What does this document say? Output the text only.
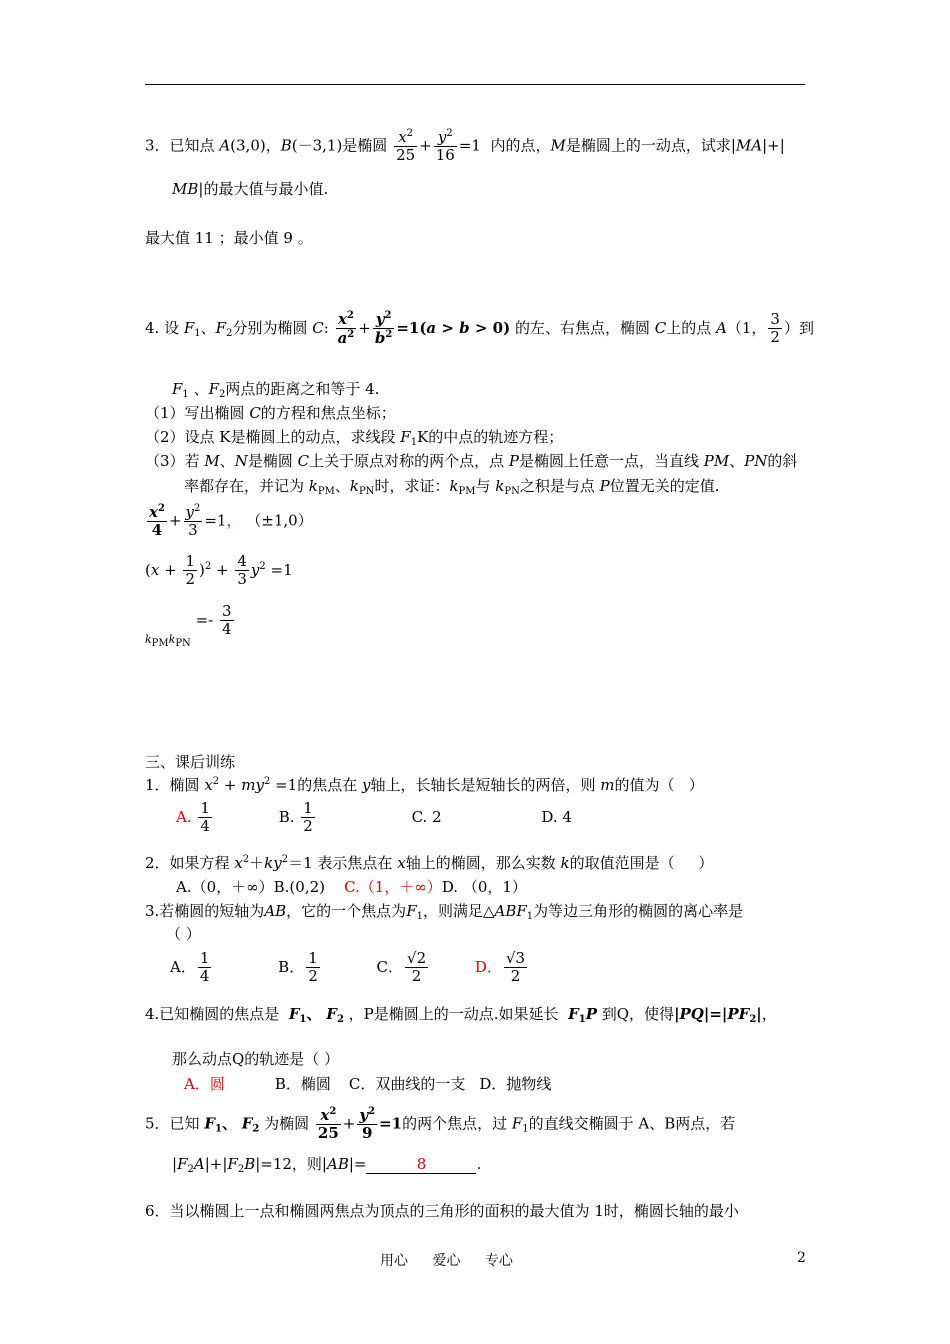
3．已知点 A(3,0)，B(－3,1)是椭圆 $\frac{x^2}{25} + \frac{y^2}{16} =1$  内的点，M是椭圆上的一动点，试求|MA|+|
MB|的最大值与最小值.
最大值 11 ；最小值 9 。
4. 设 $F_1$、$F_2$分别为椭圆 C: $\frac{x^2}{a^2} + \frac{y^2}{b^2} =1(a > b > 0)$ 的左、右焦点，椭圆 C上的点 A（1， $\frac{3}{2}$ ）到
$F_1$ 、$F_2$两点的距离之和等于 4.
（1）写出椭圆 C的方程和焦点坐标；
（2）设点 K是椭圆上的动点，求线段 $F_1K$的中点的轨迹方程；
（3）若 M、N是椭圆 C上关于原点对称的两个点，点 P是椭圆上任意一点，当直线 PM、PN的斜
率都存在，并记为 $k_{PM}$、$k_{PN}$时，求证：$k_{PM}$与 $k_{PN}$之积是与点 P位置无关的定值.
$\frac{x^2}{4} + \frac{y^2}{3} =1$， （±1,0）
$(x + \frac{1}{2} )^2 + \frac{4}{3} y^2 =1$
kPMkPN =- $\frac{3}{4}$
三、课后训练
1．椭圆 $x^2 + my^2 =1$的焦点在 y轴上，长轴长是短轴长的两倍，则 m的值为（   ）
A. $\frac{1}{4}$	B. $\frac{1}{2}$	C. 2	D. 4
2．如果方程 $x^2+ky^2=1$ 表示焦点在 x轴上的椭圆，那么实数 k的取值范围是（     ）
A.（0，＋∞）B.(0,2)    C.（1，＋∞）D. （0，1）
3.若椭圆的短轴为AB，它的一个焦点为$F_1$，则满足$\triangle ABF_1$为等边三角形的椭圆的离心率是
（ ）
A． $\frac{1}{4}$	B． $\frac{1}{2}$	C． $\frac{√2}{2}$	D． $\frac{√3}{2}$
4.已知椭圆的焦点是  $F_1$、 $F_2$ ，P是椭圆上的一动点.如果延长  $F_1P$ 到Q，使得$|PQ|=|PF_2|$，
那么动点Q的轨迹是（ ）
A．圆	B．椭圆 C．双曲线的一支 D．抛物线
5．已知 $F_1$、 $F_2$ 为椭圆 $\frac{x^2}{25} + \frac{y^2}{9} =1$的两个焦点，过 $F_1$的直线交椭圆于 A、B两点，若
$|F_2A|+|F_2B|=12$，则|AB|=	8	.
6．当以椭圆上一点和椭圆两焦点为顶点的三角形的面积的最大值为 1时，椭圆长轴的最小
用心 爱心 专心	2
